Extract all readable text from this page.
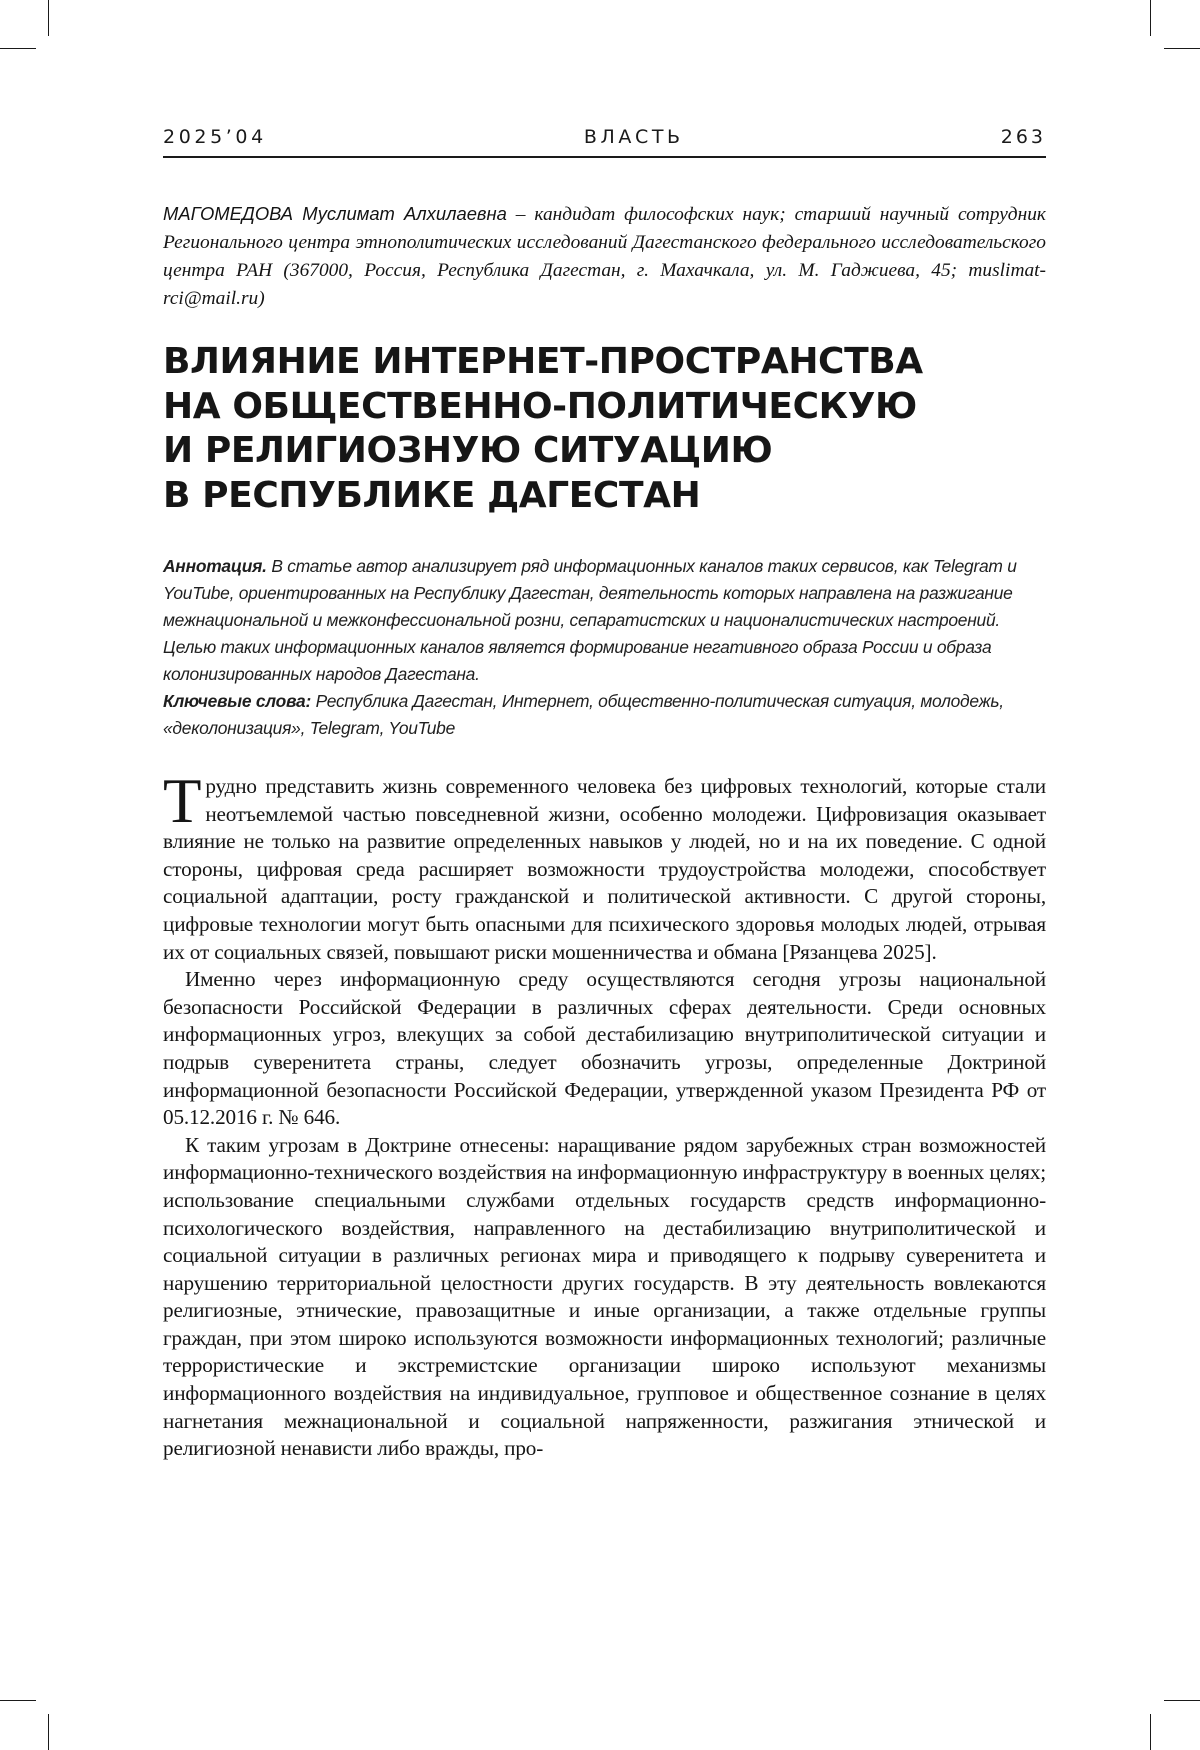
2025’04	ВЛАСТЬ	263
МАГОМЕДОВА Муслимат Алхилаевна – кандидат философских наук; старший научный сотрудник Регионального центра этнополитических исследований Дагестанского федерального исследовательского центра РАН (367000, Россия, Республика Дагестан, г. Махачкала, ул. М. Гаджиева, 45; muslimat-rci@mail.ru)
ВЛИЯНИЕ ИНТЕРНЕТ-ПРОСТРАНСТВА
НА ОБЩЕСТВЕННО-ПОЛИТИЧЕСКУЮ
И РЕЛИГИОЗНУЮ СИТУАЦИЮ
В РЕСПУБЛИКЕ ДАГЕСТАН

Аннотация. В статье автор анализирует ряд информационных каналов таких сервисов, как Telegram и YouTube, ориентированных на Республику Дагестан, деятельность которых направлена на разжигание межнациональной и межконфессиональной розни, сепаратистских и националистических настроений. Целью таких информационных каналов является формирование негативного образа России и образа колонизированных народов Дагестана.

Ключевые слова: Республика Дагестан, Интернет, общественно-политическая ситуация, молодежь, «деколонизация», Telegram, YouTube

Трудно представить жизнь современного человека без цифровых технологий, которые стали неотъемлемой частью повседневной жизни, особенно молодежи. Цифровизация оказывает влияние не только на развитие определенных навыков у людей, но и на их поведение. С одной стороны, цифровая среда расширяет возможности трудоустройства молодежи, способствует социальной адаптации, росту гражданской и политической активности. С другой стороны, цифровые технологии могут быть опасными для психического здоровья молодых людей, отрывая их от социальных связей, повышают риски мошенничества и обмана [Рязанцева 2025].

Именно через информационную среду осуществляются сегодня угрозы национальной безопасности Российской Федерации в различных сферах деятельности. Среди основных информационных угроз, влекущих за собой дестабилизацию внутриполитической ситуации и подрыв суверенитета страны, следует обозначить угрозы, определенные Доктриной информационной безопасности Российской Федерации, утвержденной указом Президента РФ от 05.12.2016 г. № 646.

К таким угрозам в Доктрине отнесены: наращивание рядом зарубежных стран возможностей информационно-технического воздействия на информационную инфраструктуру в военных целях; использование специальными службами отдельных государств средств информационно-психологического воздействия, направленного на дестабилизацию внутриполитической и социальной ситуации в различных регионах мира и приводящего к подрыву суверенитета и нарушению территориальной целостности других государств. В эту деятельность вовлекаются религиозные, этнические, правозащитные и иные организации, а также отдельные группы граждан, при этом широко используются возможности информационных технологий; различные террористические и экстремистские организации широко используют механизмы информационного воздействия на индивидуальное, групповое и общественное сознание в целях нагнетания межнациональной и социальной напряженности, разжигания этнической и религиозной ненависти либо вражды, про-
